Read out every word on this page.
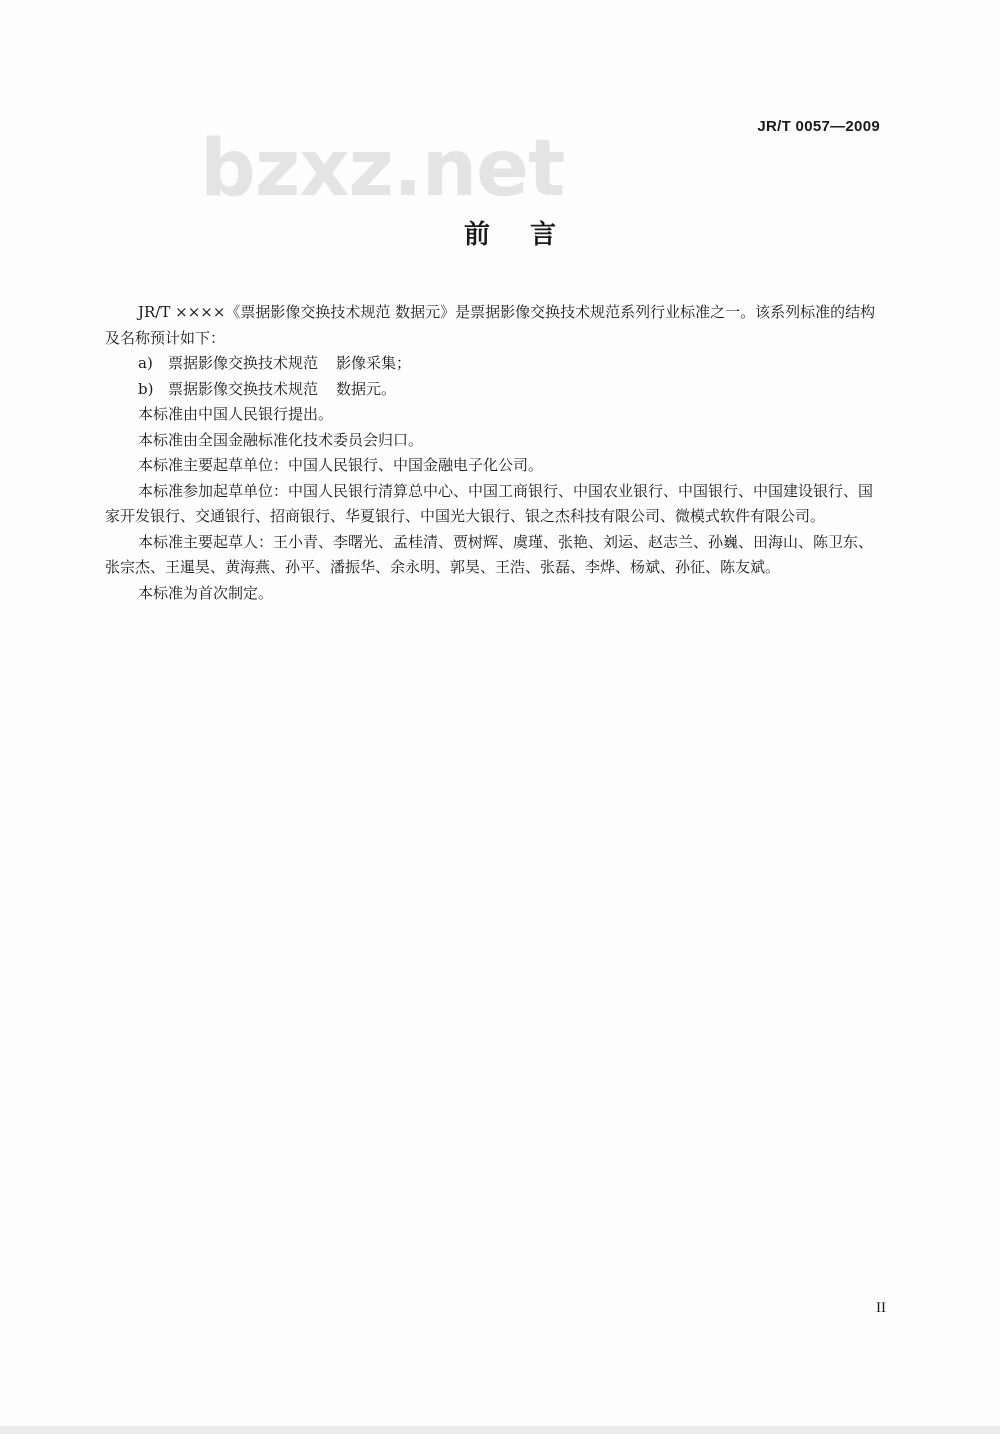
JR/T 0057—2009
bzxz.net
前言

JR/T ××××《票据影像交换技术规范 数据元》是票据影像交换技术规范系列行业标准之一。该系列标准的结构及名称预计如下：

a) 票据影像交换技术规范 影像采集；

b) 票据影像交换技术规范 数据元。

本标准由中国人民银行提出。

本标准由全国金融标准化技术委员会归口。

本标准主要起草单位：中国人民银行、中国金融电子化公司。

本标准参加起草单位：中国人民银行清算总中心、中国工商银行、中国农业银行、中国银行、中国建设银行、国家开发银行、交通银行、招商银行、华夏银行、中国光大银行、银之杰科技有限公司、微模式软件有限公司。

本标准主要起草人：王小青、李曙光、孟桂清、贾树辉、虞瑾、张艳、刘运、赵志兰、孙巍、田海山、陈卫东、张宗杰、王暹昊、黄海燕、孙平、潘振华、余永明、郭昊、王浩、张磊、李烨、杨斌、孙征、陈友斌。

本标准为首次制定。

II
